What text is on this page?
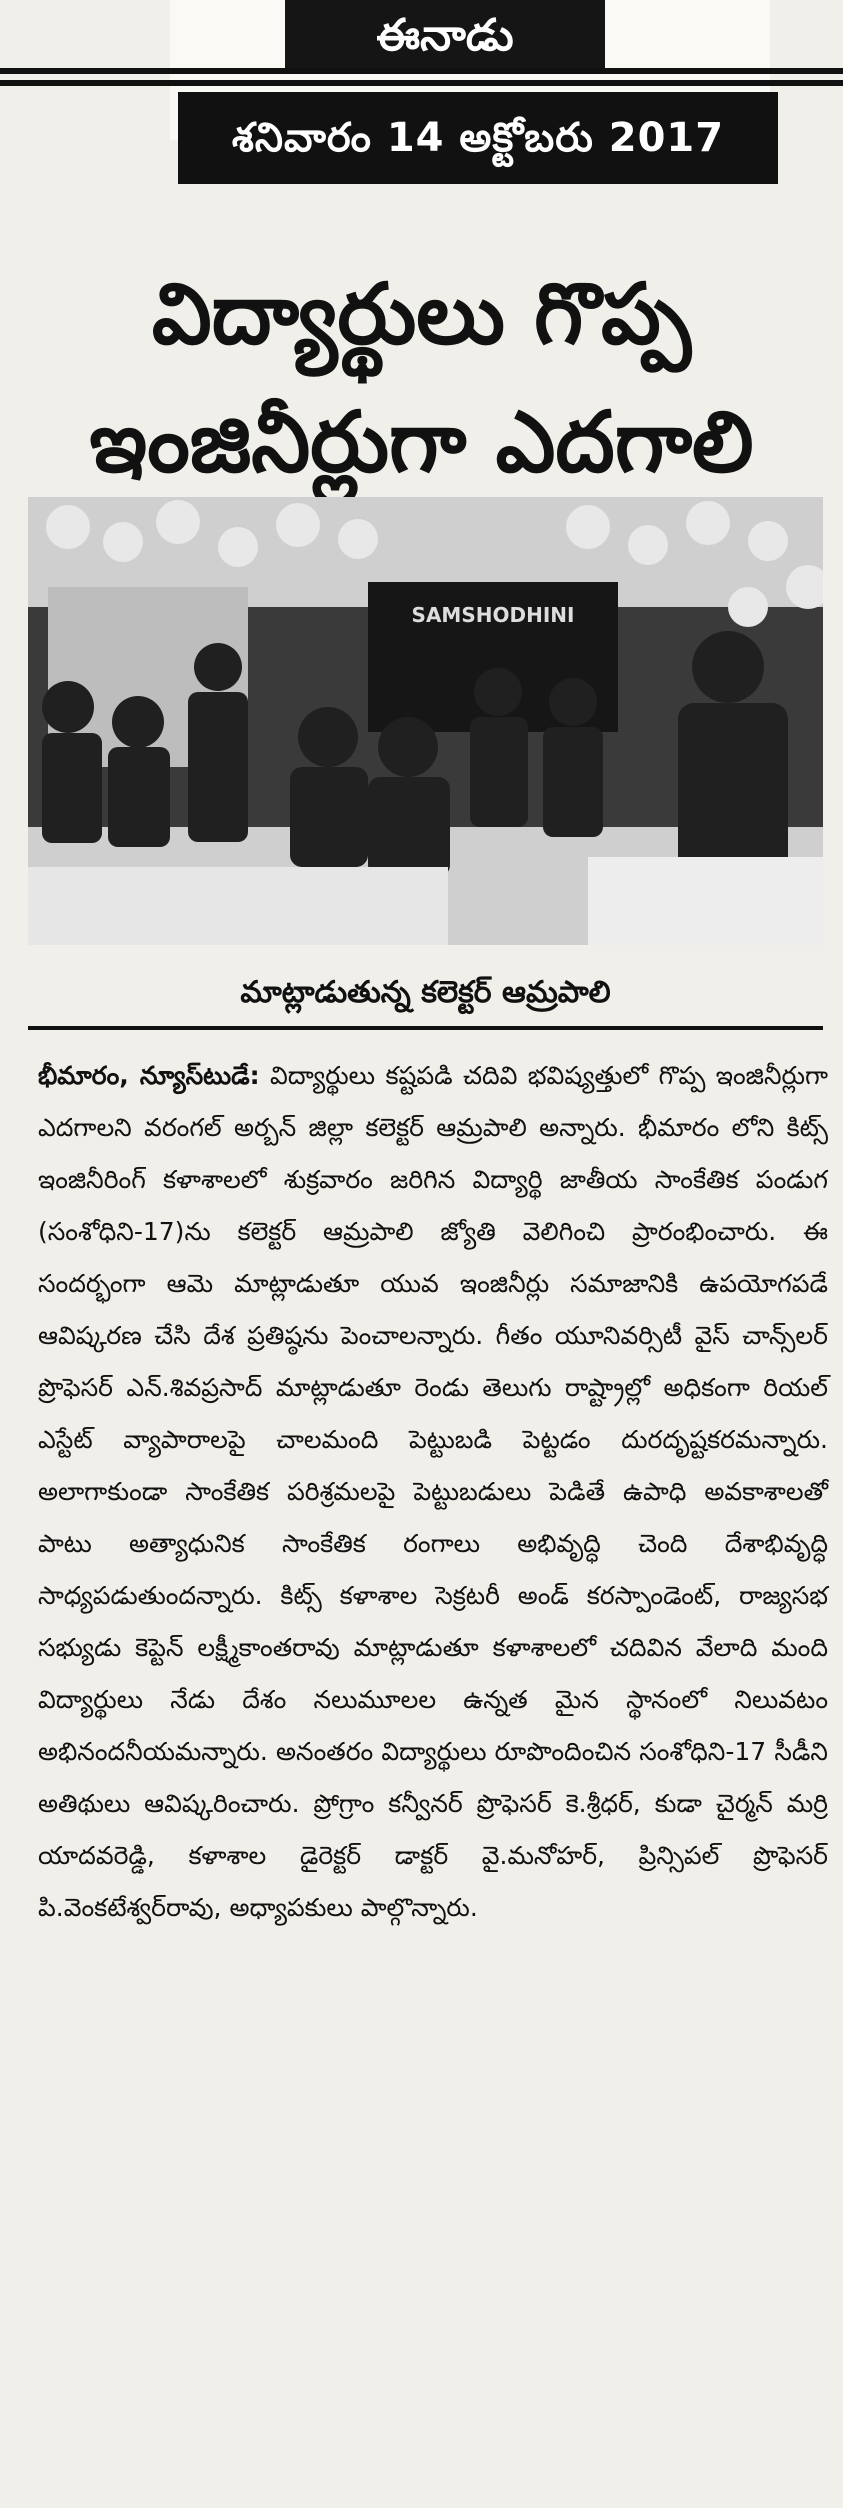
ఈనాడు
శనివారం 14 అక్టోబరు 2017
విద్యార్థులు గొప్ప ఇంజినీర్లుగా ఎదగాలి
SAMSHODHINI
మాట్లాడుతున్న కలెక్టర్ ఆమ్రపాలి

భీమారం, న్యూస్‌టుడే: విద్యార్థులు కష్టపడి చదివి భవిష్యత్తులో గొప్ప ఇంజినీర్లుగా ఎదగాలని వరంగల్ అర్బన్ జిల్లా కలెక్టర్ ఆమ్రపాలి అన్నారు. భీమారం లోని కిట్స్ ఇంజినీరింగ్ కళాశాలలో శుక్రవారం జరిగిన విద్యార్థి జాతీయ సాంకేతిక పండుగ (సంశోధిని-17)ను కలెక్టర్ ఆమ్రపాలి జ్యోతి వెలిగించి ప్రారంభించారు. ఈ సందర్భంగా ఆమె మాట్లాడుతూ యువ ఇంజినీర్లు సమాజానికి ఉపయోగపడే ఆవిష్కరణ చేసి దేశ ప్రతిష్ఠను పెంచాలన్నారు. గీతం యూనివర్సిటీ వైస్ చాన్స్‌లర్ ప్రొఫెసర్ ఎన్.శివప్రసాద్ మాట్లాడుతూ రెండు తెలుగు రాష్ట్రాల్లో అధికంగా రియల్ ఎస్టేట్ వ్యాపారాలపై చాలమంది పెట్టుబడి పెట్టడం దురదృష్టకరమన్నారు. అలాగాకుండా సాంకేతిక పరిశ్రమలపై పెట్టుబడులు పెడితే ఉపాధి అవకాశాలతో పాటు అత్యాధునిక సాంకేతిక రంగాలు అభివృద్ధి చెంది దేశాభివృద్ధి సాధ్యపడుతుందన్నారు. కిట్స్ కళాశాల సెక్రటరీ అండ్ కరస్పాండెంట్, రాజ్యసభ సభ్యుడు కెప్టెన్ లక్ష్మీకాంతరావు మాట్లాడుతూ కళాశాలలో చదివిన వేలాది మంది విద్యార్థులు నేడు దేశం నలుమూలల ఉన్నత మైన స్థానంలో నిలువటం అభినందనీయమన్నారు. అనంతరం విద్యార్థులు రూపొందించిన సంశోధిని-17 సీడీని అతిథులు ఆవిష్కరించారు. ప్రోగ్రాం కన్వీనర్ ప్రొఫెసర్ కె.శ్రీధర్, కుడా చైర్మన్ మర్రి యాదవరెడ్డి, కళాశాల డైరెక్టర్ డాక్టర్ వై.మనోహర్, ప్రిన్సిపల్ ప్రొఫెసర్ పి.వెంకటేశ్వర్‌రావు, అధ్యాపకులు పాల్గొన్నారు.
